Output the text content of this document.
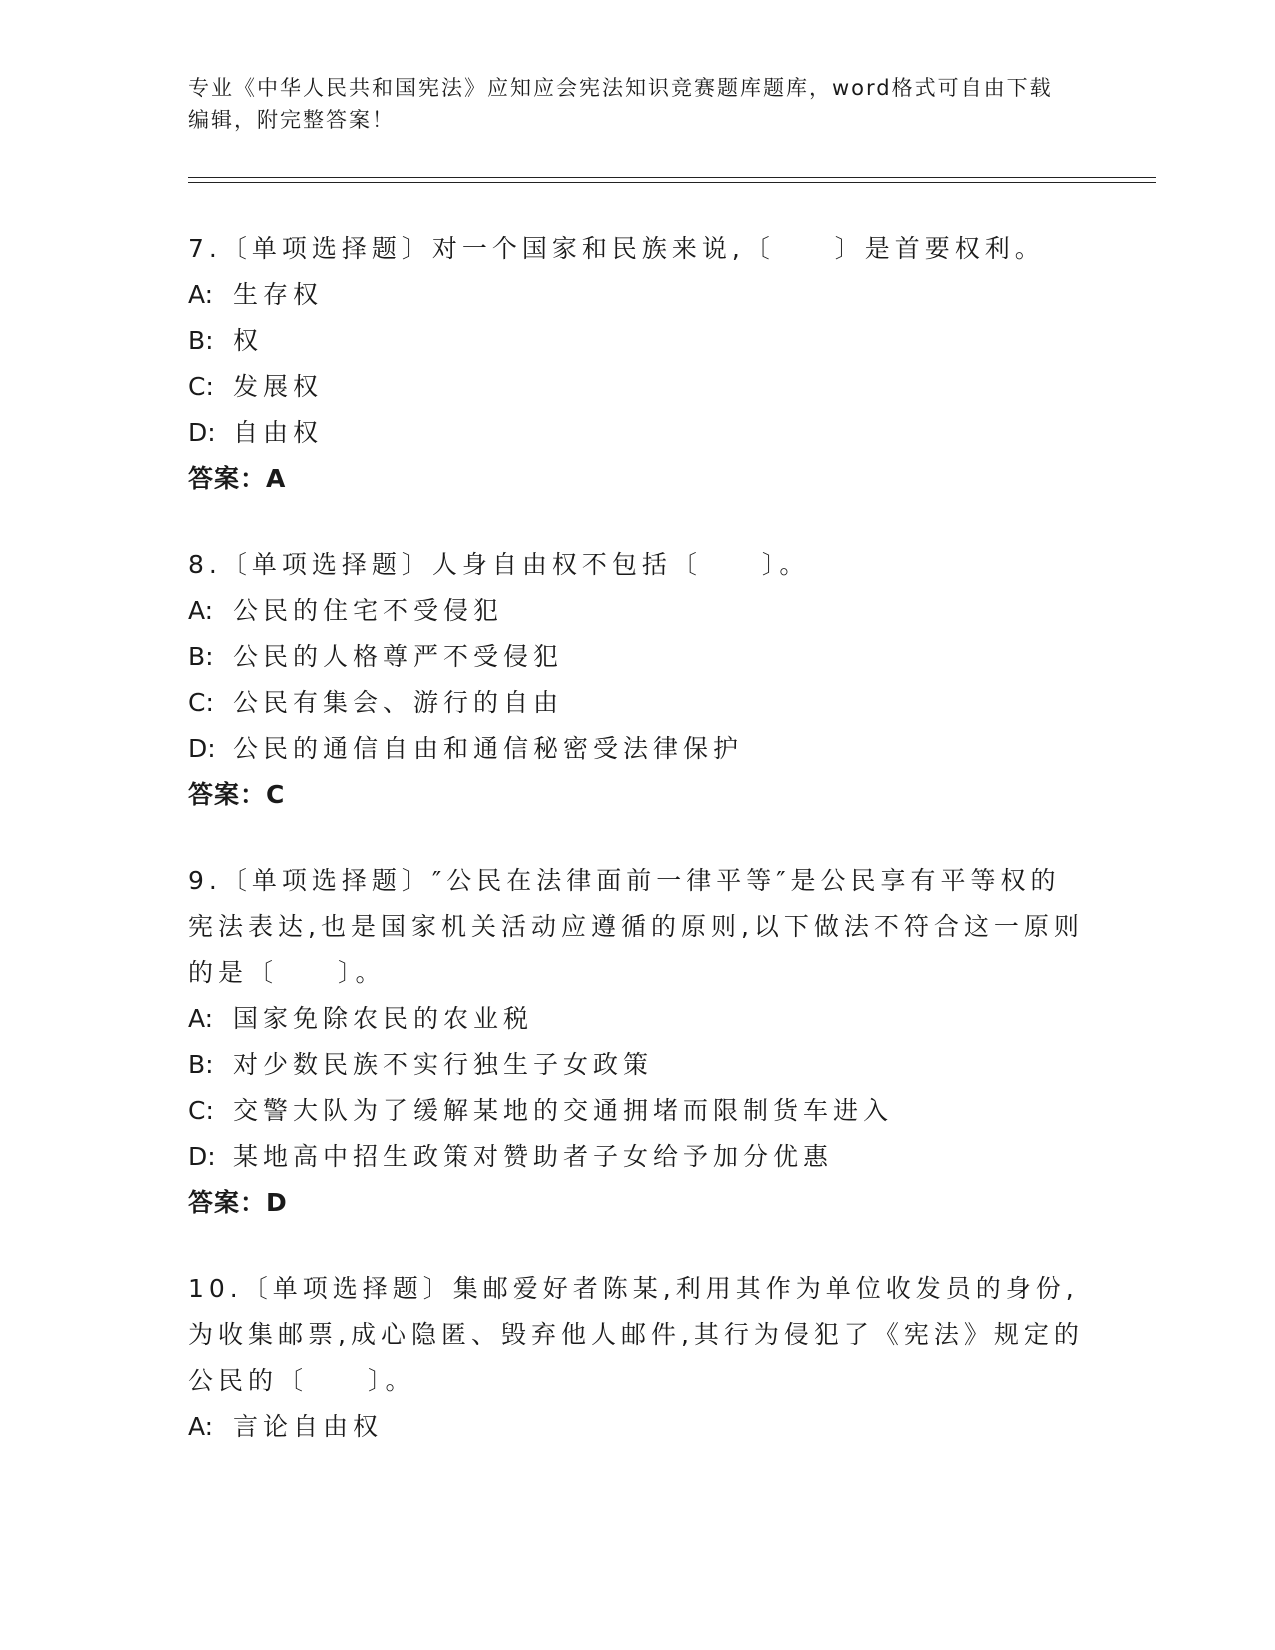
专业《中华人民共和国宪法》应知应会宪法知识竞赛题库题库，word格式可自由下载编辑，附完整答案！

7.〔单项选择题〕对一个国家和民族来说,〔　　〕是首要权利。

A: 生存权

B: 权

C: 发展权

D: 自由权

答案：A

8.〔单项选择题〕人身自由权不包括〔　　〕。

A: 公民的住宅不受侵犯

B: 公民的人格尊严不受侵犯

C: 公民有集会、游行的自由

D: 公民的通信自由和通信秘密受法律保护

答案：C

9.〔单项选择题〕″公民在法律面前一律平等″是公民享有平等权的宪法表达,也是国家机关活动应遵循的原则,以下做法不符合这一原则的是〔　　〕。

A: 国家免除农民的农业税

B: 对少数民族不实行独生子女政策

C: 交警大队为了缓解某地的交通拥堵而限制货车进入

D: 某地高中招生政策对赞助者子女给予加分优惠

答案：D

10.〔单项选择题〕集邮爱好者陈某,利用其作为单位收发员的身份,为收集邮票,成心隐匿、毁弃他人邮件,其行为侵犯了《宪法》规定的公民的〔　　〕。

A: 言论自由权
